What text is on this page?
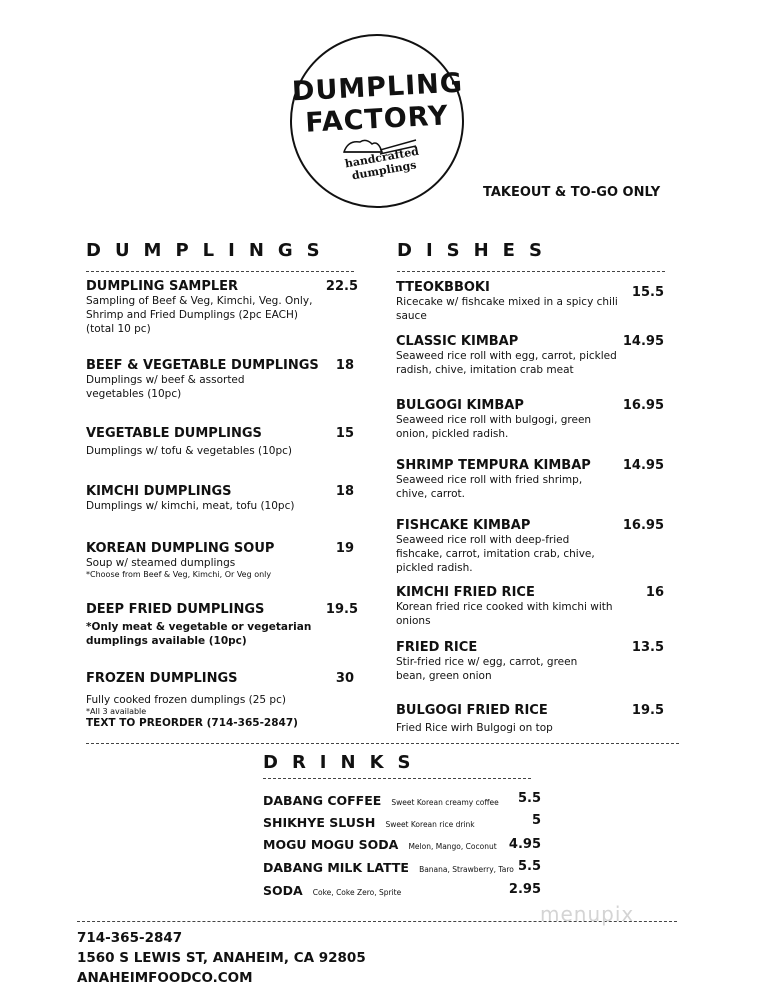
DUMPLING
FACTORY
handcrafted dumplings
TAKEOUT & TO-GO ONLY
DUMPLINGS
DUMPLING SAMPLER	22.5
Sampling of Beef & Veg, Kimchi, Veg. Only, Shrimp and Fried Dumplings (2pc EACH) (total 10 pc)
BEEF & VEGETABLE DUMPLINGS	18
Dumplings w/ beef & assorted vegetables (10pc)
VEGETABLE DUMPLINGS	15
Dumplings w/ tofu & vegetables (10pc)
KIMCHI DUMPLINGS	18
Dumplings w/ kimchi, meat, tofu (10pc)
KOREAN DUMPLING SOUP	19
Soup w/ steamed dumplings
*Choose from Beef & Veg, Kimchi, Or Veg only
DEEP FRIED DUMPLINGS	19.5
*Only meat & vegetable or vegetarian dumplings available (10pc)
FROZEN DUMPLINGS	30
Fully cooked frozen dumplings (25 pc)
*All 3 available
TEXT TO PREORDER (714-365-2847)
DISHES
TTEOKBBOKI	15.5
Ricecake w/ fishcake mixed in a spicy chili sauce
CLASSIC KIMBAP	14.95
Seaweed rice roll with egg, carrot, pickled radish, chive, imitation crab meat
BULGOGI KIMBAP	16.95
Seaweed rice roll with bulgogi, green onion, pickled radish.
SHRIMP TEMPURA KIMBAP	14.95
Seaweed rice roll with fried shrimp, chive, carrot.
FISHCAKE KIMBAP	16.95
Seaweed rice roll with deep-fried fishcake, carrot, imitation crab, chive, pickled radish.
KIMCHI FRIED RICE	16
Korean fried rice cooked with kimchi with onions
FRIED RICE	13.5
Stir-fried rice w/ egg, carrot, green bean, green onion
BULGOGI FRIED RICE	19.5
Fried Rice wirh Bulgogi on top
DRINKS
DABANG COFFEE Sweet Korean creamy coffee	5.5
SHIKHYE SLUSH Sweet Korean rice drink	5
MOGU MOGU SODA Melon, Mango, Coconut 4.95
DABANG MILK LATTE Banana, Strawberry, Taro 5.5
SODA Coke, Coke Zero, Sprite	2.95
714-365-2847
1560 S LEWIS ST, ANAHEIM, CA 92805
ANAHEIMFOODCO.COM
menupix
